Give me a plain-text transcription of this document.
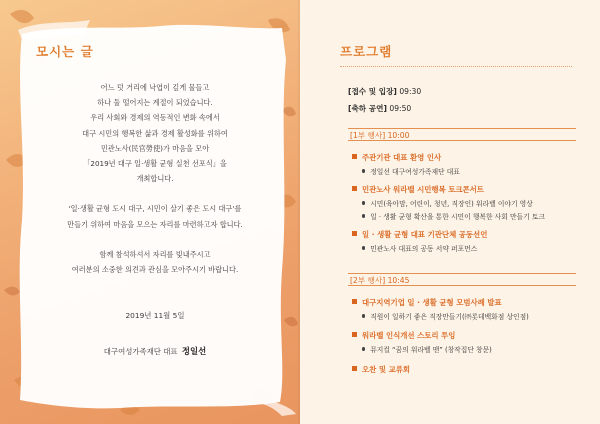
모시는 글
어느 덧 거리에 낙엽이 깊게 물들고
하나 둘 떨어지는 계절이 되었습니다.
우리 사회와 경제의 역동적인 변화 속에서
대구 시민의 행복한 삶과 경제 활성화를 위하여
민관노사(民官勞使)가 마음을 모아
「2019년 대구 일·생활 균형 실천 선포식」을
개최합니다.
'일·생활 균형 도시 대구, 시민이 살기 좋은 도시 대구'를
만들기 위하여 마음을 모으는 자리를 마련하고자 합니다.
함께 참석하셔서 자리를 빛내주시고
여러분의 소중한 의견과 관심을 모아주시기 바랍니다.
2019년 11월 5일
대구여성가족재단 대표 정일선
프로그램
[접수 및 입장] 09:30
[축하 공연] 09:50
[1부 행사] 10:00
주관기관 대표 환영 인사
정일선 대구여성가족재단 대표
민관노사 워라밸 시민행복 토크콘서트
시민(육아맘, 어린이, 청년, 직장인) 워라밸 이야기 영상
일 · 생활 균형 확산을 통한 시민이 행복한 사회 만들기 토크
일 · 생활 균형 대표 기관단체 공동선언
민관노사 대표의 공동 서약 퍼포먼스
[2부 행사] 10:45
대구지역기업 일 · 생활 균형 모범사례 발표
직원이 일하기 좋은 직장만들기(㈜롯데백화점 상인점)
워라밸 인식개선 스토리 투잉
뮤지컬 “꿈의 워라벨 맨” (창작집단 창문)
오찬 및 교류회
